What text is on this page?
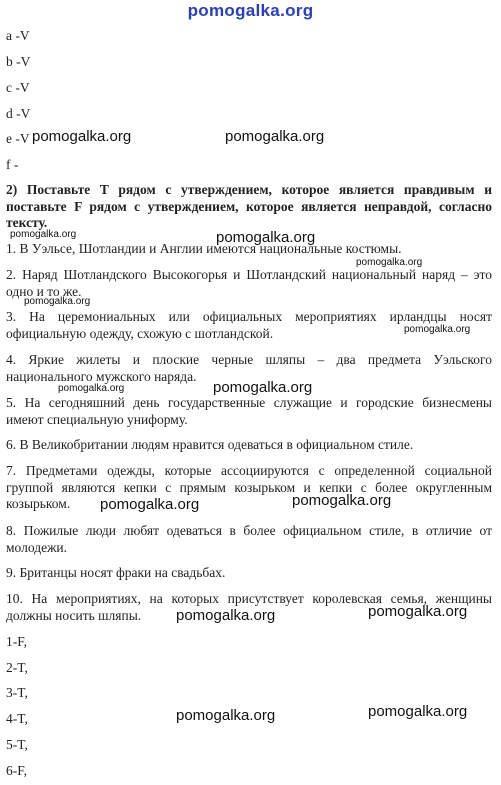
pomogalka.org
a -V
b -V
c -V
d -V
e -V
f -
2) Поставьте T рядом с утверждением, которое является правдивым и поставьте F рядом с утверждением, которое является неправдой, согласно тексту.
1. В Уэльсе, Шотландии и Англии имеются национальные костюмы.
2. Наряд Шотландского Высокогорья и Шотландский национальный наряд – это одно и то же.
3. На церемониальных или официальных мероприятиях ирландцы носят официальную одежду, схожую с шотландской.
4. Яркие жилеты и плоские черные шляпы – два предмета Уэльского национального мужского наряда.
5. На сегодняшний день государственные служащие и городские бизнесмены имеют специальную униформу.
6. В Великобритании людям нравится одеваться в официальном стиле.
7. Предметами одежды, которые ассоциируются с определенной социальной группой являются кепки с прямым козырьком и кепки с более округленным козырьком.
8. Пожилые люди любят одеваться в более официальном стиле, в отличие от молодежи.
9. Британцы носят фраки на свадьбах.
10. На мероприятиях, на которых присутствует королевская семья, женщины должны носить шляпы.
1-F,
2-T,
3-T,
4-T,
5-T,
6-F,
pomogalka.org	pomogalka.org
pomogalka.org	pomogalka.org
pomogalka.org
pomogalka.org
pomogalka.org
pomogalka.org	pomogalka.org
pomogalka.org	pomogalka.org
pomogalka.org	pomogalka.org
pomogalka.org	pomogalka.org
